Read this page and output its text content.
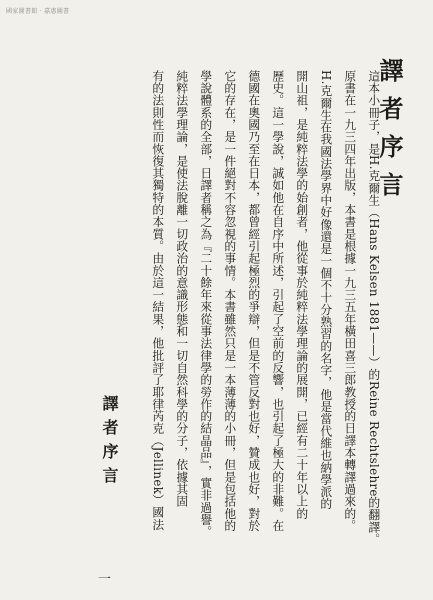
國家圖書館 · 嘉惠圖書
譯者序言
這本小冊子，是H.克爾生（Hans Kelsen 1881——）的Reine Rechtslehre的翻譯。
原書在一九三四年出版，本書是根據一九三五年橫田喜三郎教授的日譯本轉譯過來的。
H.克爾生在我國法學界中好像還是一個不十分熟習的名字，他是當代維也納學派的
開山祖，是純粹法學的始創者，他從事於純粹法學理論的展開，已經有二十年以上的
歷史。這一學說，誠如他在自序中所述，引起了空前的反響，也引起了極大的非難。在
德國在奧國乃至在日本，都曾經引起極烈的爭辯，但是不管反對也好，贊成也好，對於
它的存在，是一件絕對不容忽視的事情。本書雖然只是一本薄薄的小冊，但是包括他的
學說體系的全部，日譯者稱之為『二十餘年來從事法律學的勞作的結晶品』，實非過譽。
純粹法學理論，是使法脫離一切政治的意識形態和一切自然科學的分子，依據其固
有的法則性而恢復其獨特的本質。由於這一結果，他批評了耶律芮克（Jellinek）國法
譯者序言
一
